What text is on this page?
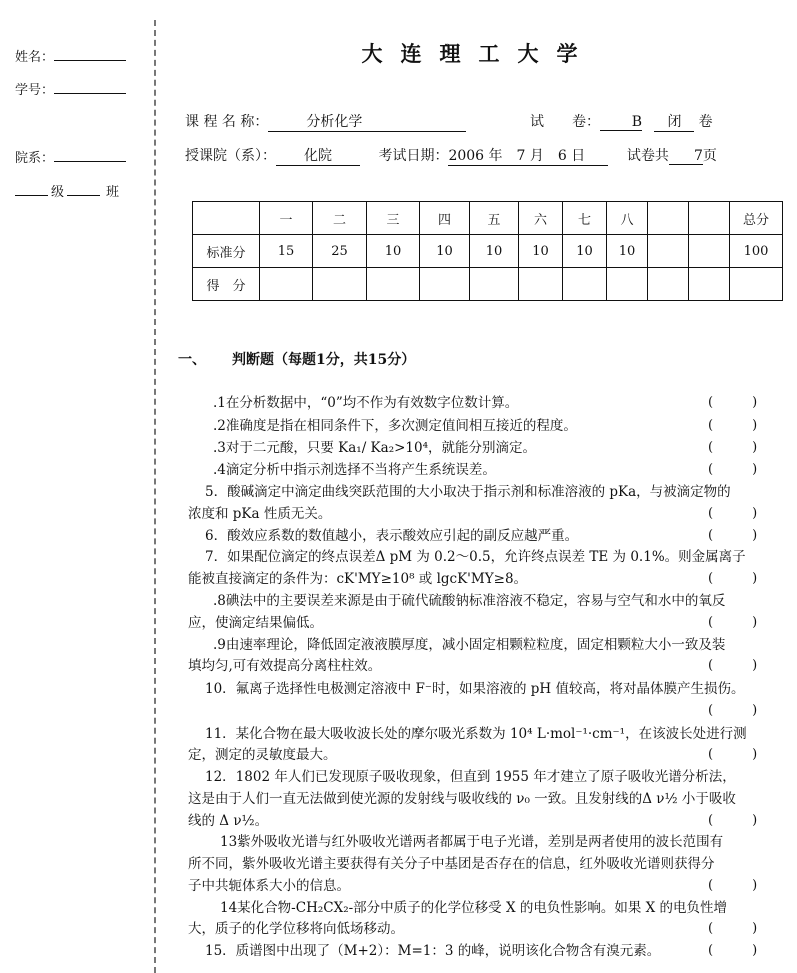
姓名：
学号：
院系：
级	班
大连理工大学
课 程 名 称：	分析化学	试　　卷： B 闭 卷
授课院（系）： 化院	考试日期：2006 年　7 月　6 日	试卷共 7页
	一	二	三	四	五	六	七	八			总分
标准分	15	25	10	10	10	10	10	10			100
得　分											
一、 判断题（每题1分，共15分）
.1在分析数据中，“0”均不作为有效数字位数计算。	(　　　)
.2准确度是指在相同条件下，多次测定值间相互接近的程度。	(　　　)
.3对于二元酸，只要 Ka₁/ Ka₂>10⁴，就能分别滴定。	(　　　)
.4滴定分析中指示剂选择不当将产生系统误差。	(　　　)
5．酸碱滴定中滴定曲线突跃范围的大小取决于指示剂和标准溶液的 pKa，与被滴定物的
浓度和 pKa 性质无关。	(　　　)
6．酸效应系数的数值越小，表示酸效应引起的副反应越严重。	(　　　)
7．如果配位滴定的终点误差Δ pM 为 0.2～0.5，允许终点误差 TE 为 0.1%。则金属离子
能被直接滴定的条件为：cK'MY≥10⁸ 或 lgcK'MY≥8。	(　　　)
.8碘法中的主要误差来源是由于硫代硫酸钠标准溶液不稳定，容易与空气和水中的氧反
应，使滴定结果偏低。	(　　　)
.9由速率理论，降低固定液液膜厚度，减小固定相颗粒粒度，固定相颗粒大小一致及装
填均匀,可有效提高分离柱柱效。	(　　　)
10．氟离子选择性电极测定溶液中 F⁻时，如果溶液的 pH 值较高，将对晶体膜产生损伤。
(　　　)
11．某化合物在最大吸收波长处的摩尔吸光系数为 10⁴ L·mol⁻¹·cm⁻¹，在该波长处进行测
定，测定的灵敏度最大。	(　　　)
12．1802 年人们已发现原子吸收现象，但直到 1955 年才建立了原子吸收光谱分析法，
这是由于人们一直无法做到使光源的发射线与吸收线的 ν₀ 一致。且发射线的Δ ν½ 小于吸收
线的 Δ ν½。	(　　　)
13紫外吸收光谱与红外吸收光谱两者都属于电子光谱，差别是两者使用的波长范围有
所不同，紫外吸收光谱主要获得有关分子中基团是否存在的信息，红外吸收光谱则获得分
子中共轭体系大小的信息。	(　　　)
14某化合物-CH₂CX₂-部分中质子的化学位移受 X 的电负性影响。如果 X 的电负性增
大，质子的化学位移将向低场移动。	(　　　)
15．质谱图中出现了（M+2）：M=1：3 的峰，说明该化合物含有溴元素。	(　　　)
